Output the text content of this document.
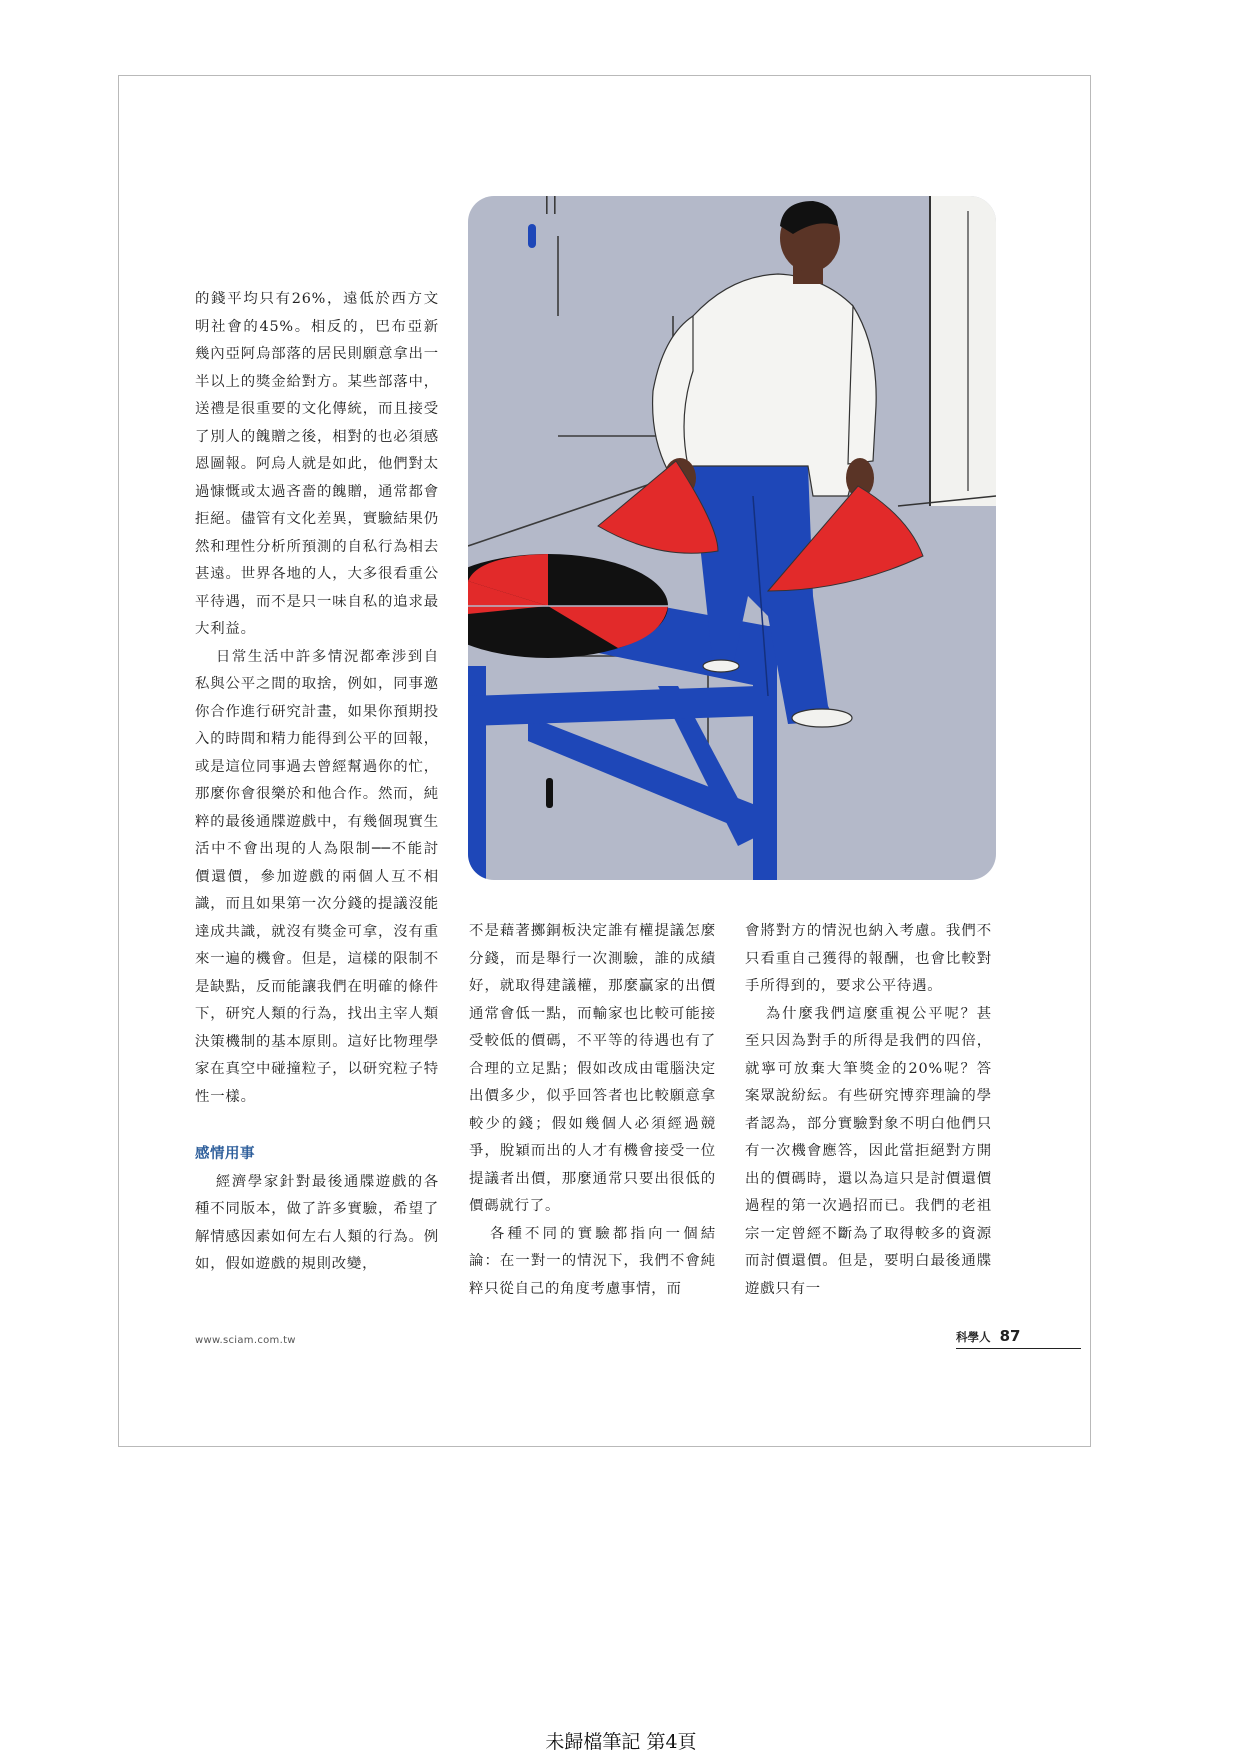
的錢平均只有26%，遠低於西方文明社會的45%。相反的，巴布亞新幾內亞阿烏部落的居民則願意拿出一半以上的獎金給對方。某些部落中，送禮是很重要的文化傳統，而且接受了別人的餽贈之後，相對的也必須感恩圖報。阿烏人就是如此，他們對太過慷慨或太過吝嗇的餽贈，通常都會拒絕。儘管有文化差異，實驗結果仍然和理性分析所預測的自私行為相去甚遠。世界各地的人，大多很看重公平待遇，而不是只一味自私的追求最大利益。

日常生活中許多情況都牽涉到自私與公平之間的取捨，例如，同事邀你合作進行研究計畫，如果你預期投入的時間和精力能得到公平的回報，或是這位同事過去曾經幫過你的忙，那麼你會很樂於和他合作。然而，純粹的最後通牒遊戲中，有幾個現實生活中不會出現的人為限制──不能討價還價，參加遊戲的兩個人互不相識，而且如果第一次分錢的提議沒能達成共識，就沒有獎金可拿，沒有重來一遍的機會。但是，這樣的限制不是缺點，反而能讓我們在明確的條件下，研究人類的行為，找出主宰人類決策機制的基本原則。這好比物理學家在真空中碰撞粒子，以研究粒子特性一樣。

感情用事

經濟學家針對最後通牒遊戲的各種不同版本，做了許多實驗，希望了解情感因素如何左右人類的行為。例如，假如遊戲的規則改變，

不是藉著擲銅板決定誰有權提議怎麼分錢，而是舉行一次測驗，誰的成績好，就取得建議權，那麼贏家的出價通常會低一點，而輸家也比較可能接受較低的價碼，不平等的待遇也有了合理的立足點；假如改成由電腦決定出價多少，似乎回答者也比較願意拿較少的錢；假如幾個人必須經過競爭，脫穎而出的人才有機會接受一位提議者出價，那麼通常只要出很低的價碼就行了。

各種不同的實驗都指向一個結論：在一對一的情況下，我們不會純粹只從自己的角度考慮事情，而

會將對方的情況也納入考慮。我們不只看重自己獲得的報酬，也會比較對手所得到的，要求公平待遇。

為什麼我們這麼重視公平呢？甚至只因為對手的所得是我們的四倍，就寧可放棄大筆獎金的20%呢？答案眾說紛紜。有些研究博弈理論的學者認為，部分實驗對象不明白他們只有一次機會應答，因此當拒絕對方開出的價碼時，還以為這只是討價還價過程的第一次過招而已。我們的老祖宗一定曾經不斷為了取得較多的資源而討價還價。但是，要明白最後通牒遊戲只有一

www.sciam.com.tw	科學人 87
未歸檔筆記 第4頁
